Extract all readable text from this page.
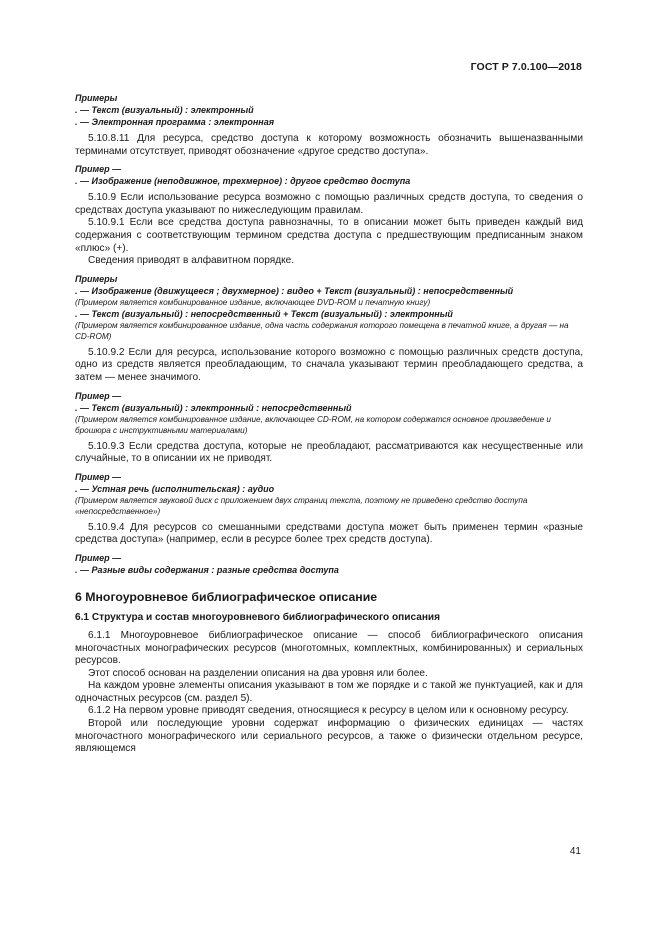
ГОСТ Р 7.0.100—2018
Примеры
. — Текст (визуальный) : электронный
. — Электронная программа : электронная
5.10.8.11 Для ресурса, средство доступа к которому возможность обозначить вышеназванными терминами отсутствует, приводят обозначение «другое средство доступа».
Пример —
. — Изображение (неподвижное, трехмерное) : другое средство доступа
5.10.9 Если использование ресурса возможно с помощью различных средств доступа, то сведения о средствах доступа указывают по нижеследующим правилам.
5.10.9.1 Если все средства доступа равнозначны, то в описании может быть приведен каждый вид содержания с соответствующим термином средства доступа с предшествующим предписанным знаком «плюс» (+).
Сведения приводят в алфавитном порядке.
Примеры
. — Изображение (движущееся ; двухмерное) : видео + Текст (визуальный) : непосредственный
(Примером является комбинированное издание, включающее DVD-ROM и печатную книгу)
. — Текст (визуальный) : непосредственный + Текст (визуальный) : электронный
(Примером является комбинированное издание, одна часть содержания которого помещена в печатной книге, а другая — на CD-ROM)
5.10.9.2 Если для ресурса, использование которого возможно с помощью различных средств доступа, одно из средств является преобладающим, то сначала указывают термин преобладающего средства, а затем — менее значимого.
Пример —
. — Текст (визуальный) : электронный : непосредственный
(Примером является комбинированное издание, включающее CD-ROM, на котором содержатся основное произведение и брошюра с инструктивными материалами)
5.10.9.3 Если средства доступа, которые не преобладают, рассматриваются как несущественные или случайные, то в описании их не приводят.
Пример —
. — Устная речь (исполнительская) : аудио
(Примером является звуковой диск с приложением двух страниц текста, поэтому не приведено средство доступа «непосредственное»)
5.10.9.4 Для ресурсов со смешанными средствами доступа может быть применен термин «разные средства доступа» (например, если в ресурсе более трех средств доступа).
Пример —
. — Разные виды содержания : разные средства доступа
6 Многоуровневое библиографическое описание
6.1 Структура и состав многоуровневого библиографического описания
6.1.1 Многоуровневое библиографическое описание — способ библиографического описания многочастных монографических ресурсов (многотомных, комплектных, комбинированных) и сериальных ресурсов.
Этот способ основан на разделении описания на два уровня или более.
На каждом уровне элементы описания указывают в том же порядке и с такой же пунктуацией, как и для одночастных ресурсов (см. раздел 5).
6.1.2 На первом уровне приводят сведения, относящиеся к ресурсу в целом или к основному ресурсу.
Второй или последующие уровни содержат информацию о физических единицах — частях многочастного монографического или сериального ресурсов, а также о физически отдельном ресурсе, являющемся
41
